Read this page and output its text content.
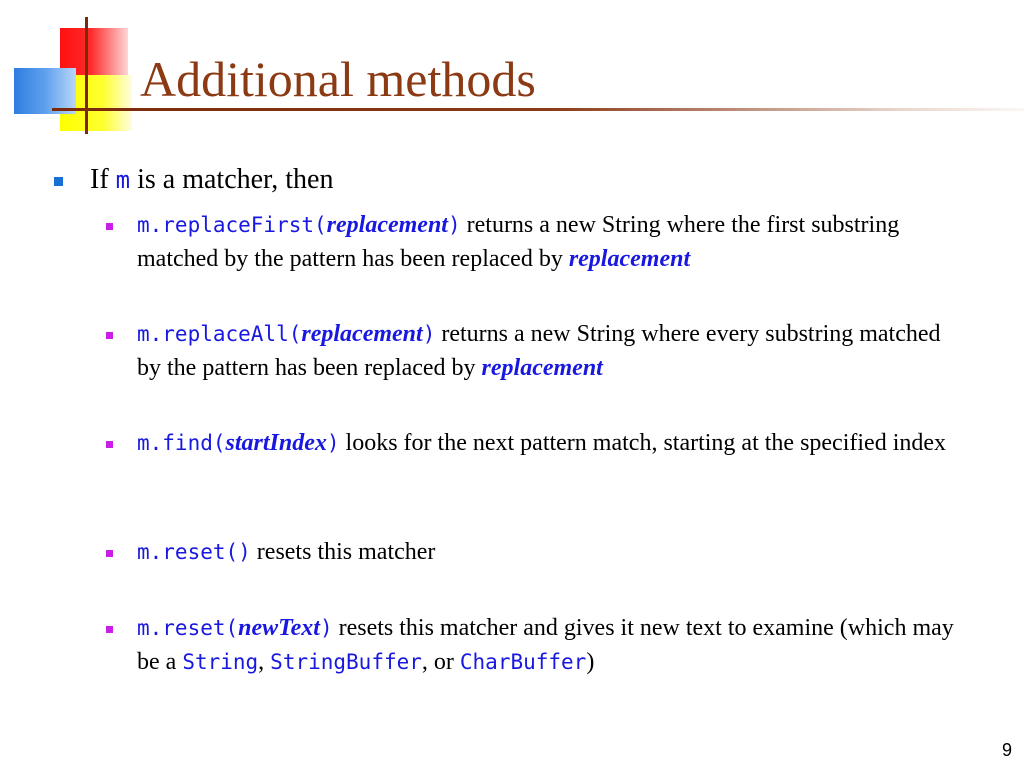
Additional methods
If m is a matcher, then
m.replaceFirst(replacement) returns a new String where the first substring matched by the pattern has been replaced by replacement
m.replaceAll(replacement) returns a new String where every substring matched by the pattern has been replaced by replacement
m.find(startIndex) looks for the next pattern match, starting at the specified index
m.reset() resets this matcher
m.reset(newText) resets this matcher and gives it new text to examine (which may be a String, StringBuffer, or CharBuffer)
9
